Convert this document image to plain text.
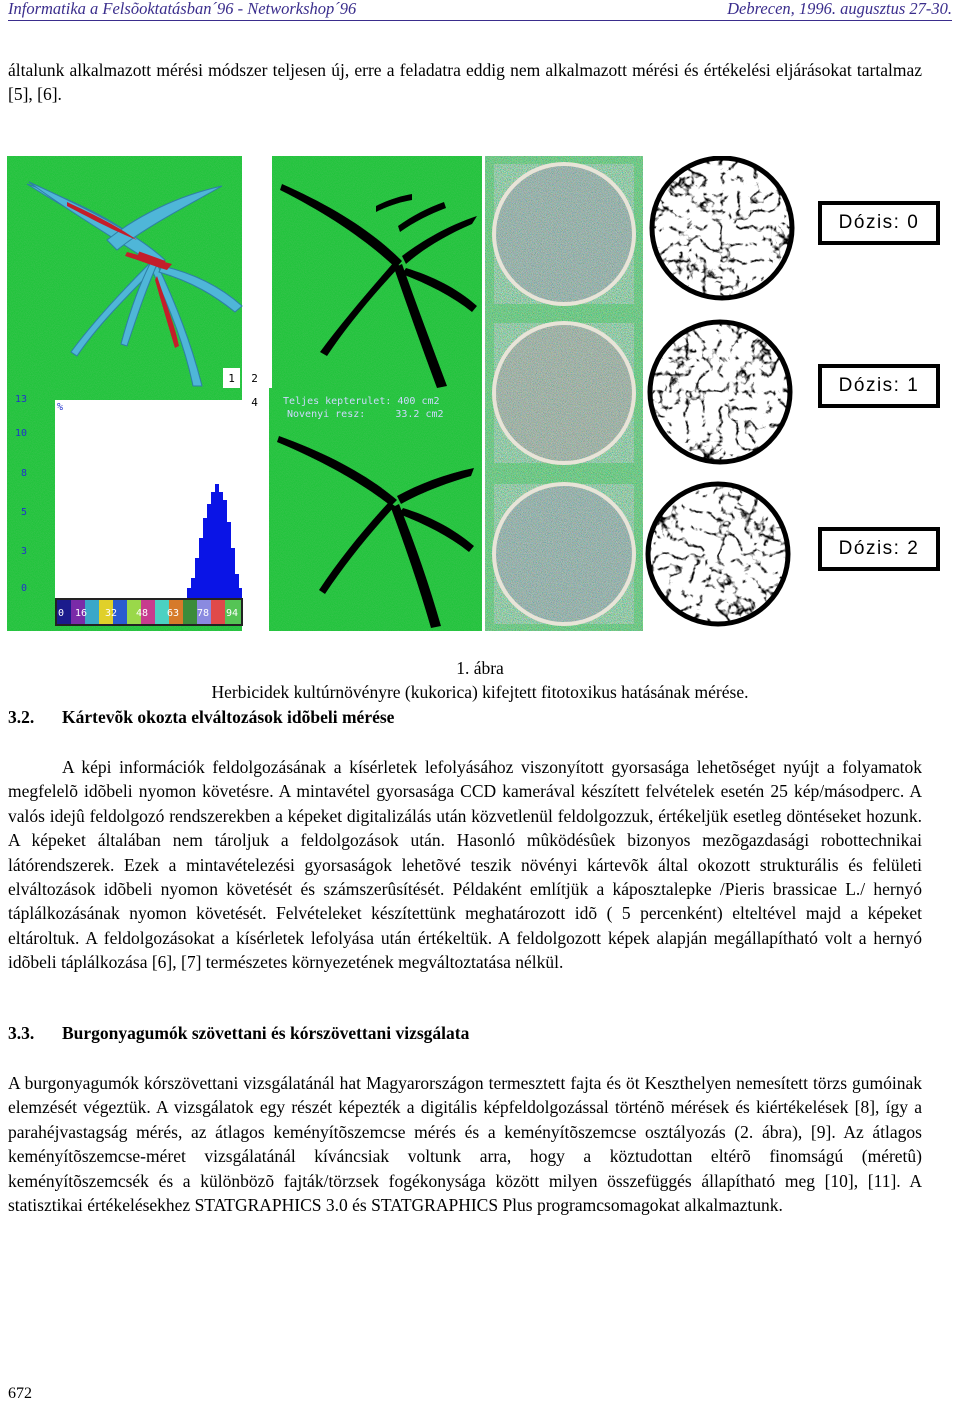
Informatika a Felsõoktatásban´96 - Networkshop´96	Debrecen, 1996. augusztus 27-30.
általunk alkalmazott mérési módszer teljesen új, erre a feladatra eddig nem alkalmazott mérési és értékelési eljárásokat tartalmaz [5], [6].
1 2
4
13
10
8
5
3
0
%
0 16 32 48 63 78 94
Teljes kepterulet: 400 cm2
Novenyi resz:     33.2 cm2
Dózis: 0
Dózis: 1
Dózis: 2
1. ábra
Herbicidek kultúrnövényre (kukorica) kifejtett fitotoxikus hatásának mérése.
3.2. Kártevõk okozta elváltozások idõbeli mérése
A képi információk feldolgozásának a kísérletek lefolyásához viszonyított gyorsasága lehetõséget nyújt a folyamatok megfelelõ idõbeli nyomon követésre. A mintavétel gyorsasága CCD kamerával készített felvételek esetén 25 kép/másodperc. A valós idejû feldolgozó rendszerekben a képeket digitalizálás után közvetlenül feldolgozzuk, értékeljük esetleg döntéseket hozunk. A képeket általában nem tároljuk a feldolgozások után. Hasonló mûködésûek bizonyos mezõgazdasági robottechnikai látórendszerek. Ezek a mintavételezési gyorsaságok lehetõvé teszik növényi kártevõk által okozott strukturális és felületi elváltozások idõbeli nyomon követését és számszerûsítését. Példaként említjük a káposztalepke /Pieris brassicae L./ hernyó táplálkozásának nyomon követését. Felvételeket készítettünk meghatározott idõ ( 5 percenként) elteltével majd a képeket eltároltuk. A feldolgozásokat a kísérletek lefolyása után értékeltük. A feldolgozott képek alapján megállapítható volt a hernyó idõbeli táplálkozása [6], [7] természetes környezetének megváltoztatása nélkül.
3.3. Burgonyagumók szövettani és kórszövettani vizsgálata
A burgonyagumók kórszövettani vizsgálatánál hat Magyarországon termesztett fajta és öt Keszthelyen nemesített törzs gumóinak elemzését végeztük. A vizsgálatok egy részét képezték a digitális képfeldolgozással történõ mérések és kiértékelések [8], így a parahéjvastagság mérés, az átlagos keményítõszemcse mérés és a keményítõszemcse osztályozás (2. ábra), [9]. Az átlagos keményítõszemcse-méret vizsgálatánál kíváncsiak voltunk arra, hogy a köztudottan eltérõ finomságú (méretû) keményítõszemcsék és a különbözõ fajták/törzsek fogékonysága között milyen összefüggés állapítható meg [10], [11]. A statisztikai értékelésekhez STATGRAPHICS 3.0 és STATGRAPHICS Plus programcsomagokat alkalmaztunk.
672
